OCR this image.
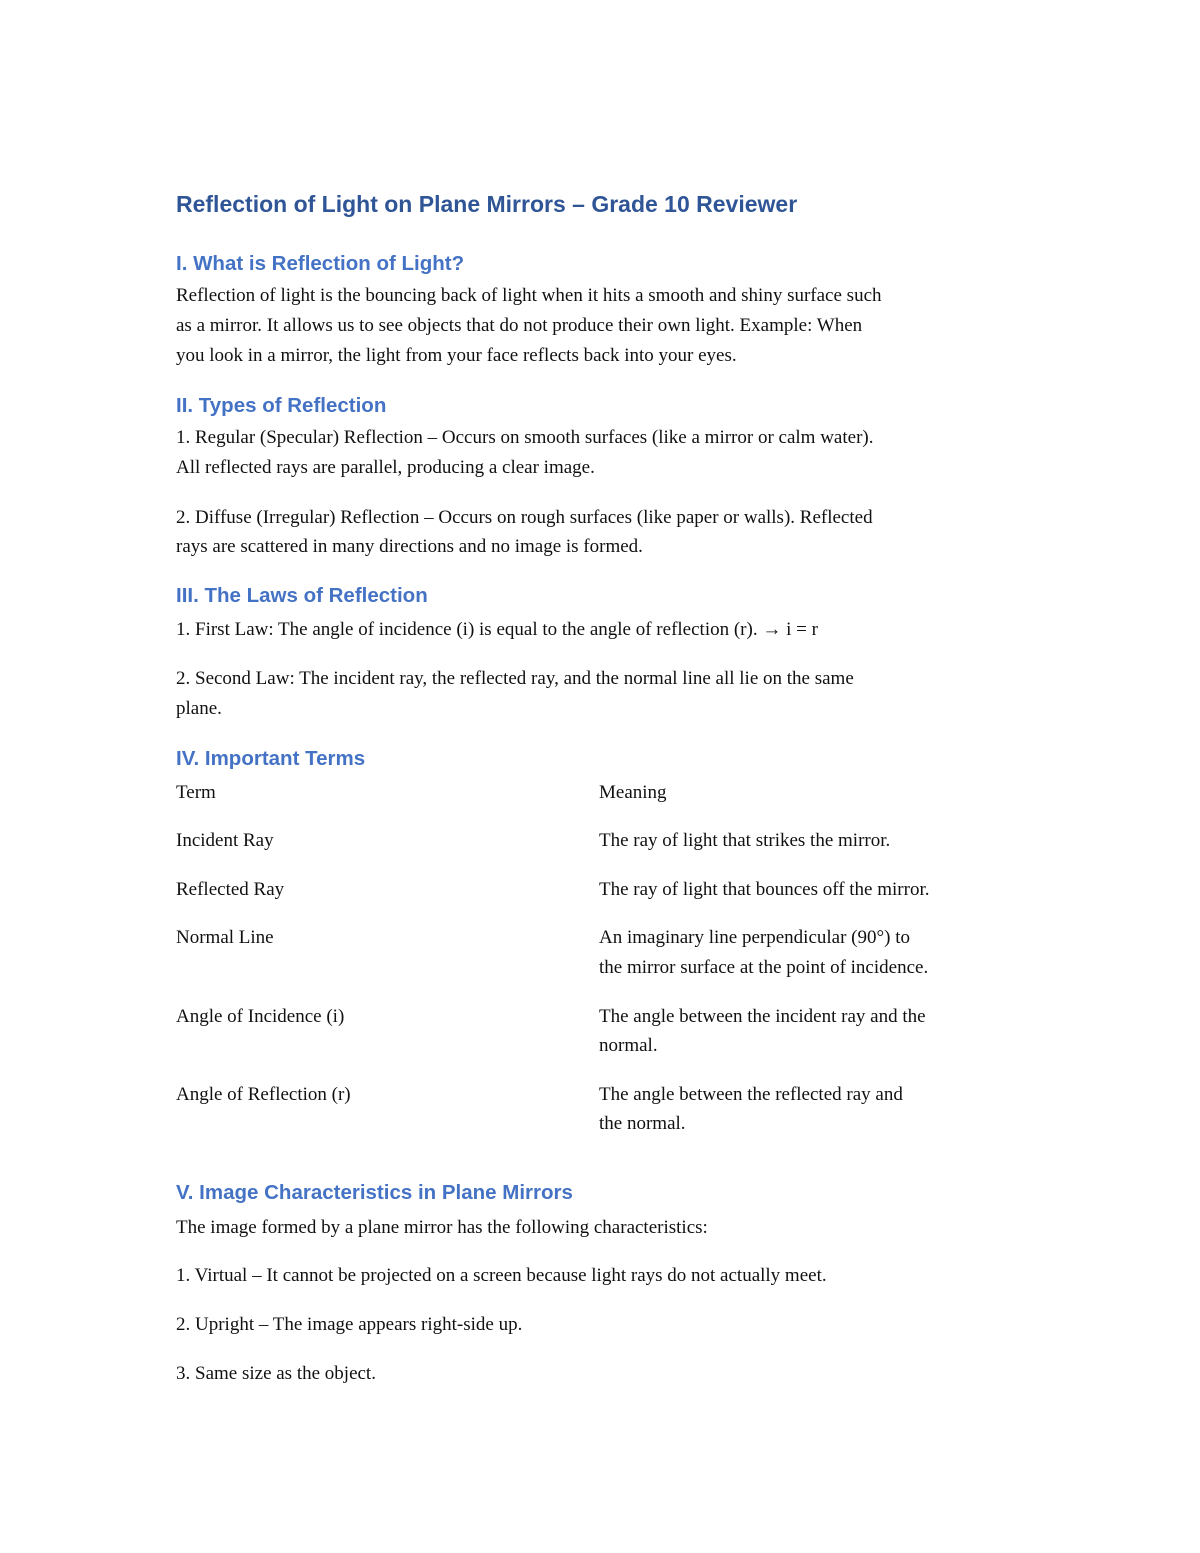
Reflection of Light on Plane Mirrors – Grade 10 Reviewer
I. What is Reflection of Light?

Reflection of light is the bouncing back of light when it hits a smooth and shiny surface such

as a mirror. It allows us to see objects that do not produce their own light. Example: When

you look in a mirror, the light from your face reflects back into your eyes.

II. Types of Reflection

1. Regular (Specular) Reflection – Occurs on smooth surfaces (like a mirror or calm water).

All reflected rays are parallel, producing a clear image.

2. Diffuse (Irregular) Reflection – Occurs on rough surfaces (like paper or walls). Reflected

rays are scattered in many directions and no image is formed.

III. The Laws of Reflection

1. First Law: The angle of incidence (i) is equal to the angle of reflection (r). → i = r

2. Second Law: The incident ray, the reflected ray, and the normal line all lie on the same

plane.

IV. Important Terms

Term	Meaning

Incident Ray	The ray of light that strikes the mirror.

Reflected Ray	The ray of light that bounces off the mirror.

Normal Line	An imaginary line perpendicular (90°) to

the mirror surface at the point of incidence.

Angle of Incidence (i)	The angle between the incident ray and the

normal.

Angle of Reflection (r)	The angle between the reflected ray and

the normal.

V. Image Characteristics in Plane Mirrors

The image formed by a plane mirror has the following characteristics:

1. Virtual – It cannot be projected on a screen because light rays do not actually meet.

2. Upright – The image appears right-side up.

3. Same size as the object.
